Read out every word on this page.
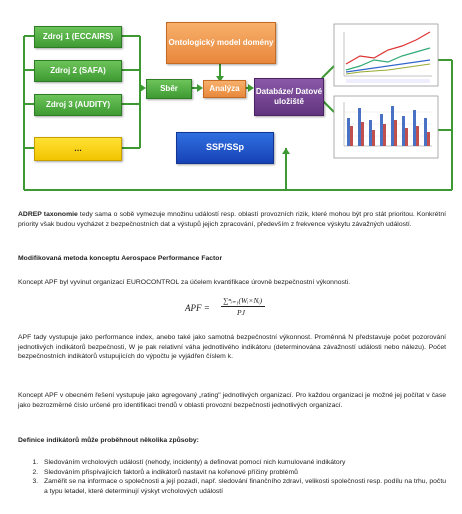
Zdroj 1 (ECCAIRS)
Zdroj 2 (SAFA)
Zdroj 3 (AUDITY)
…
Sběr
Ontologický model domény
Analýza Databáze/ Datové uložiště
SSP/SSp
ADREP taxonomie tedy sama o sobě vymezuje množinu událostí resp. oblastí provozních rizik, které mohou být pro stát prioritou. Konkrétní priority však budou vycházet z bezpečnostních dat a výstupů jejich zpracování, především z frekvence výskytu závažných událostí.
Modifikovaná metoda konceptu Aerospace Performance Factor
Koncept APF byl vyvinut organizací EUROCONTROL za účelem kvantifikace úrovně bezpečnostní výkonnosti.
APF =
∑ⁿᵢ₌₁(Wᵢ×Nᵢ)
PJ
APF tady vystupuje jako performance index, anebo také jako samotná bezpečnostní výkonnost. Proměnná N představuje počet pozorování jednotlivých indikátorů bezpečnosti, W je pak relativní váha jednotlivého indikátoru (determinována závažností události nebo nálezu). Počet bezpečnostních indikátorů vstupujících do výpočtu je vyjádřen číslem k.
Koncept APF v obecném řešení vystupuje jako agregovaný „rating" jednotlivých organizací. Pro každou organizaci je možné jej počítat v čase jako bezrozměrné číslo určené pro identifikaci trendů v oblasti provozní bezpečnosti jednotlivých organizací.
Definice indikátorů může proběhnout několika způsoby:
1. Sledováním vrcholových událostí (nehody, incidenty) a definovat pomocí nich kumulované indikátory
2. Sledováním přispívajících faktorů a indikátorů nastavit na kořenové příčiny problémů
3. Zaměřit se na informace o společnosti a její pozadí, např. sledování finančního zdraví, velikosti společnosti resp. podílu na trhu, počtu a typu letadel, které determinují výskyt vrcholových událostí
